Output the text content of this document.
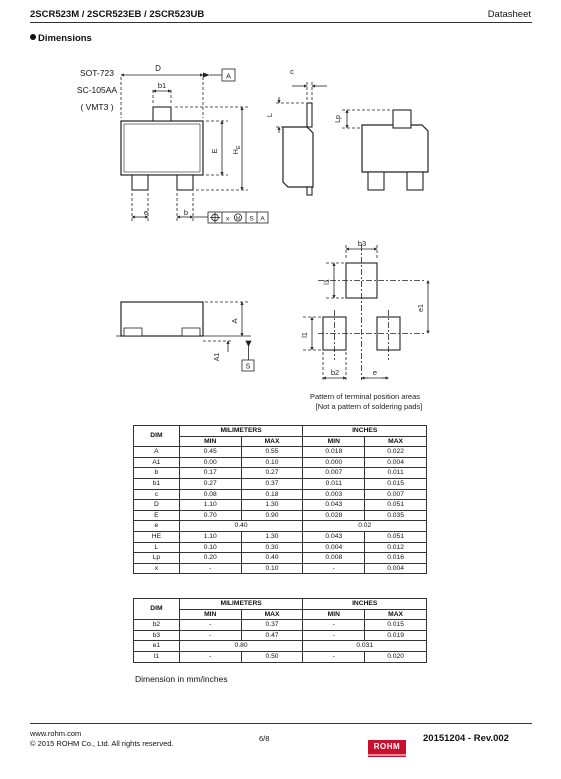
2SCR523M / 2SCR523EB / 2SCR523UB	Datasheet
Dimensions
SOT-723
SC-105AA
( VMT3 )
D
A
b1
E $H_E$
e	b
x M S A
c
L
Lp
A
A1
S
b3
l1
l1
e1
b2	e
Pattern of terminal position areas
[Not a pattern of soldering pads]
DIM	MILIMETERS		INCHES	
	MIN	MAX	MIN	MAX
A	0.45	0.55	0.018	0.022
A1	0.00	0.10	0.000	0.004
b	0.17	0.27	0.007	0.011
b1	0.27	0.37	0.011	0.015
c	0.08	0.18	0.003	0.007
D	1.10	1.30	0.043	0.051
E	0.70	0.90	0.028	0.035
e	0.40		0.02	
HE	1.10	1.30	0.043	0.051
L	0.10	0.30	0.004	0.012
Lp	0.20	0.40	0.008	0.016
x	-	0.10	-	0.004
DIM	MILIMETERS		INCHES	
	MIN	MAX	MIN	MAX
b2	-	0.37	-	0.015
b3	-	0.47	-	0.019
e1	0.80		0.031	
l1	-	0.50	-	0.020
Dimension in mm/inches
www.rohm.com
© 2015 ROHM Co., Ltd. All rights reserved.
6/8
ROHM
20151204 - Rev.002
